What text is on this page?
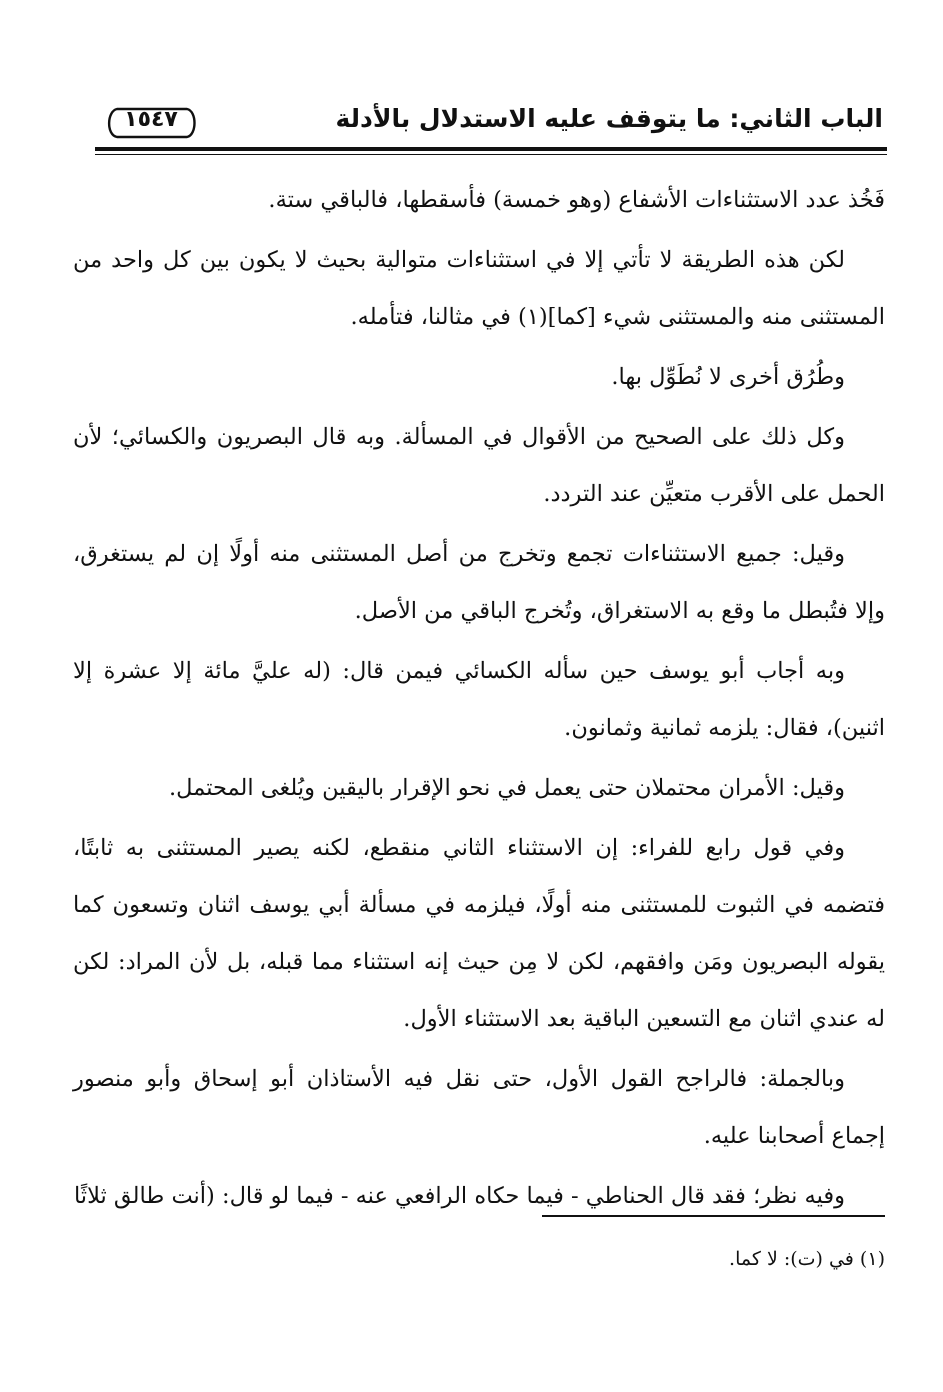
الباب الثاني: ما يتوقف عليه الاستدلال بالأدلة
١٥٤٧

فَخُذ عدد الاستثناءات الأشفاع (وهو خمسة) فأسقطها، فالباقي ستة.

لكن هذه الطريقة لا تأتي إلا في استثناءات متوالية بحيث لا يكون بين كل واحد من المستثنى منه والمستثنى شيء [كما](١) في مثالنا، فتأمله.

وطُرُق أخرى لا نُطَوِّل بها.

وكل ذلك على الصحيح من الأقوال في المسألة. وبه قال البصريون والكسائي؛ لأن الحمل على الأقرب متعيِّن عند التردد.

وقيل: جميع الاستثناءات تجمع وتخرج من أصل المستثنى منه أولًا إن لم يستغرق، وإلا فتُبطل ما وقع به الاستغراق، وتُخرج الباقي من الأصل.

وبه أجاب أبو يوسف حين سأله الكسائي فيمن قال: (له عليَّ مائة إلا عشرة إلا اثنين)، فقال: يلزمه ثمانية وثمانون.

وقيل: الأمران محتملان حتى يعمل في نحو الإقرار باليقين ويُلغى المحتمل.

وفي قول رابع للفراء: إن الاستثناء الثاني منقطع، لكنه يصير المستثنى به ثابتًا، فتضمه في الثبوت للمستثنى منه أولًا، فيلزمه في مسألة أبي يوسف اثنان وتسعون كما يقوله البصريون ومَن وافقهم، لكن لا مِن حيث إنه استثناء مما قبله، بل لأن المراد: لكن له عندي اثنان مع التسعين الباقية بعد الاستثناء الأول.

وبالجملة: فالراجح القول الأول، حتى نقل فيه الأستاذان أبو إسحاق وأبو منصور إجماع أصحابنا عليه.

وفيه نظر؛ فقد قال الحناطي - فيما حكاه الرافعي عنه - فيما لو قال: (أنت طالق ثلاثًا

(١) في (ت): لا كما.
